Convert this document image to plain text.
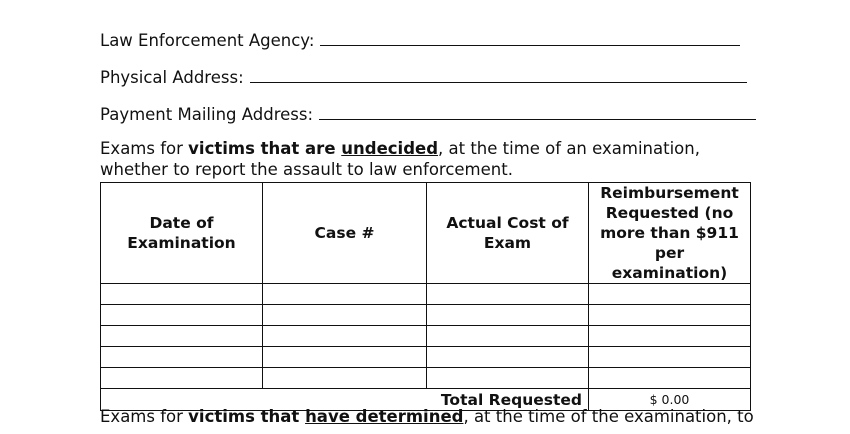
Law Enforcement Agency:
Physical Address:
Payment Mailing Address:
Exams for victims that are undecided, at the time of an examination, whether to report the assault to law enforcement.
Date of Examination	Case #	Actual Cost of Exam	Reimbursement Requested (no more than $911 per examination)

Total Requested			$ 0.00
Exams for victims that have determined, at the time of the examination, to
